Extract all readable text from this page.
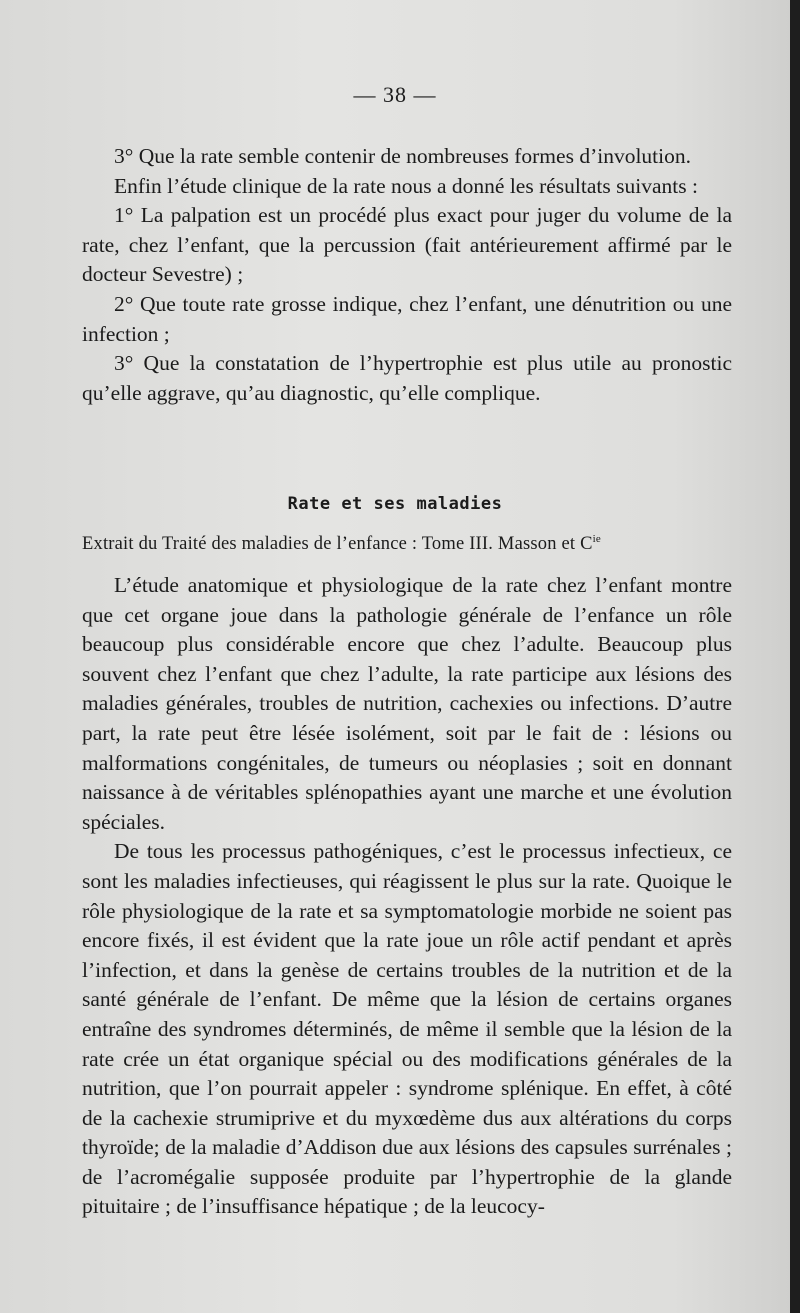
— 38 —

3° Que la rate semble contenir de nombreuses formes d’involution.

Enfin l’étude clinique de la rate nous a donné les résultats suivants :

1° La palpation est un procédé plus exact pour juger du volume de la rate, chez l’enfant, que la percussion (fait antérieurement affirmé par le docteur Sevestre) ;

2° Que toute rate grosse indique, chez l’enfant, une dénutrition ou une infection ;

3° Que la constatation de l’hypertrophie est plus utile au pronostic qu’elle aggrave, qu’au diagnostic, qu’elle complique.

Rate et ses maladies
Extrait du Traité des maladies de l’enfance : Tome III. Masson et $C^{ie}$

L’étude anatomique et physiologique de la rate chez l’enfant montre que cet organe joue dans la pathologie générale de l’enfance un rôle beaucoup plus considérable encore que chez l’adulte. Beaucoup plus souvent chez l’enfant que chez l’adulte, la rate participe aux lésions des maladies générales, troubles de nutrition, cachexies ou infections. D’autre part, la rate peut être lésée isolément, soit par le fait de : lésions ou malformations congénitales, de tumeurs ou néoplasies ; soit en donnant naissance à de véritables splénopathies ayant une marche et une évolution spéciales.

De tous les processus pathogéniques, c’est le processus infectieux, ce sont les maladies infectieuses, qui réagissent le plus sur la rate. Quoique le rôle physiologique de la rate et sa symptomatologie morbide ne soient pas encore fixés, il est évident que la rate joue un rôle actif pendant et après l’infection, et dans la genèse de certains troubles de la nutrition et de la santé générale de l’enfant. De même que la lésion de certains organes entraîne des syndromes déterminés, de même il semble que la lésion de la rate crée un état organique spécial ou des modifications générales de la nutrition, que l’on pourrait appeler : syndrome splénique. En effet, à côté de la cachexie strumiprive et du myxœdème dus aux altérations du corps thyroïde; de la maladie d’Addison due aux lésions des capsules surrénales ; de l’acromégalie supposée produite par l’hypertrophie de la glande pituitaire ; de l’insuffisance hépatique ; de la leucocy-
